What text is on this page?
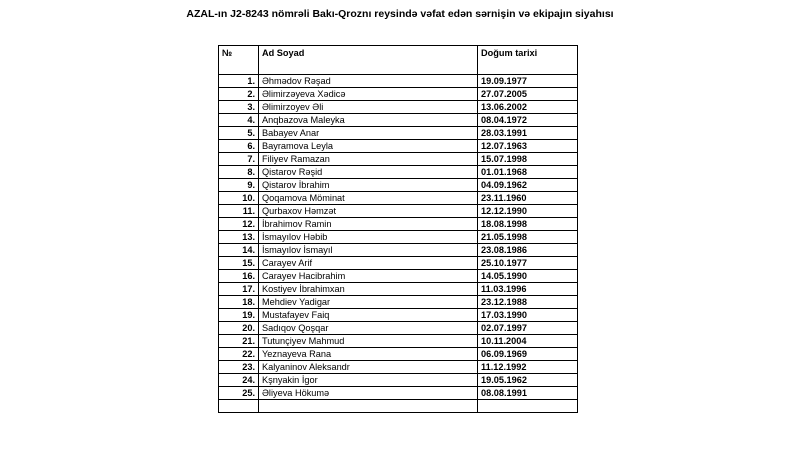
AZAL-ın J2-8243 nömrəli Bakı-Qroznı reysində vəfat edən sərnişin və ekipajın siyahısı
№	Ad Soyad	Doğum tarixi
1.	Əhmədov Rəşad	19.09.1977
2.	Əlimirzəyeva Xədicə	27.07.2005
3.	Əlimirzoyev Əli	13.06.2002
4.	Anqbazova Maleyka	08.04.1972
5.	Babayev Anar	28.03.1991
6.	Bayramova Leyla	12.07.1963
7.	Filiyev Ramazan	15.07.1998
8.	Qistarov Rəşid	01.01.1968
9.	Qistarov İbrahim	04.09.1962
10.	Qoqamova Möminat	23.11.1960
11.	Qurbaxov Həmzət	12.12.1990
12.	İbrahimov Ramin	18.08.1998
13.	İsmayılov Həbib	21.05.1998
14.	İsmayılov İsmayıl	23.08.1986
15.	Carayev Arif	25.10.1977
16.	Carayev Hacibrahim	14.05.1990
17.	Kostiyev İbrahimxan	11.03.1996
18.	Mehdiev Yadigar	23.12.1988
19.	Mustafayev Faiq	17.03.1990
20.	Sadıqov Qoşqar	02.07.1997
21.	Tutunçiyev Mahmud	10.11.2004
22.	Yeznayeva Rana	06.09.1969
23.	Kalyaninov Aleksandr	11.12.1992
24.	Kşnyakin İgor	19.05.1962
25.	Əliyeva Hökumə	08.08.1991
